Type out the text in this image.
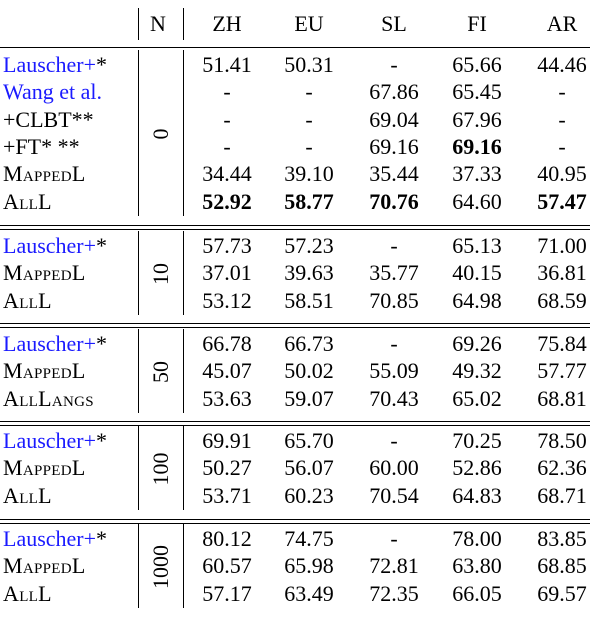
N	ZH	EU	SL	FI	AR
0
Lauscher+*	51.41	50.31	-	65.66	44.46
Wang et al.	-	-	67.86	65.45	-
+CLBT**	-	-	69.04	67.96	-
+FT* **	-	-	69.16	69.16	-
MappedL	34.44	39.10	35.44	37.33	40.95
AllL	52.92	58.77	70.76	64.60	57.47
10
Lauscher+*	57.73	57.23	-	65.13	71.00
MappedL	37.01	39.63	35.77	40.15	36.81
AllL	53.12	58.51	70.85	64.98	68.59
50
Lauscher+*	66.78	66.73	-	69.26	75.84
MappedL	45.07	50.02	55.09	49.32	57.77
AllLangs	53.63	59.07	70.43	65.02	68.81
100
Lauscher+*	69.91	65.70	-	70.25	78.50
MappedL	50.27	56.07	60.00	52.86	62.36
AllL	53.71	60.23	70.54	64.83	68.71
1000
Lauscher+*	80.12	74.75	-	78.00	83.85
MappedL	60.57	65.98	72.81	63.80	68.85
AllL	57.17	63.49	72.35	66.05	69.57
